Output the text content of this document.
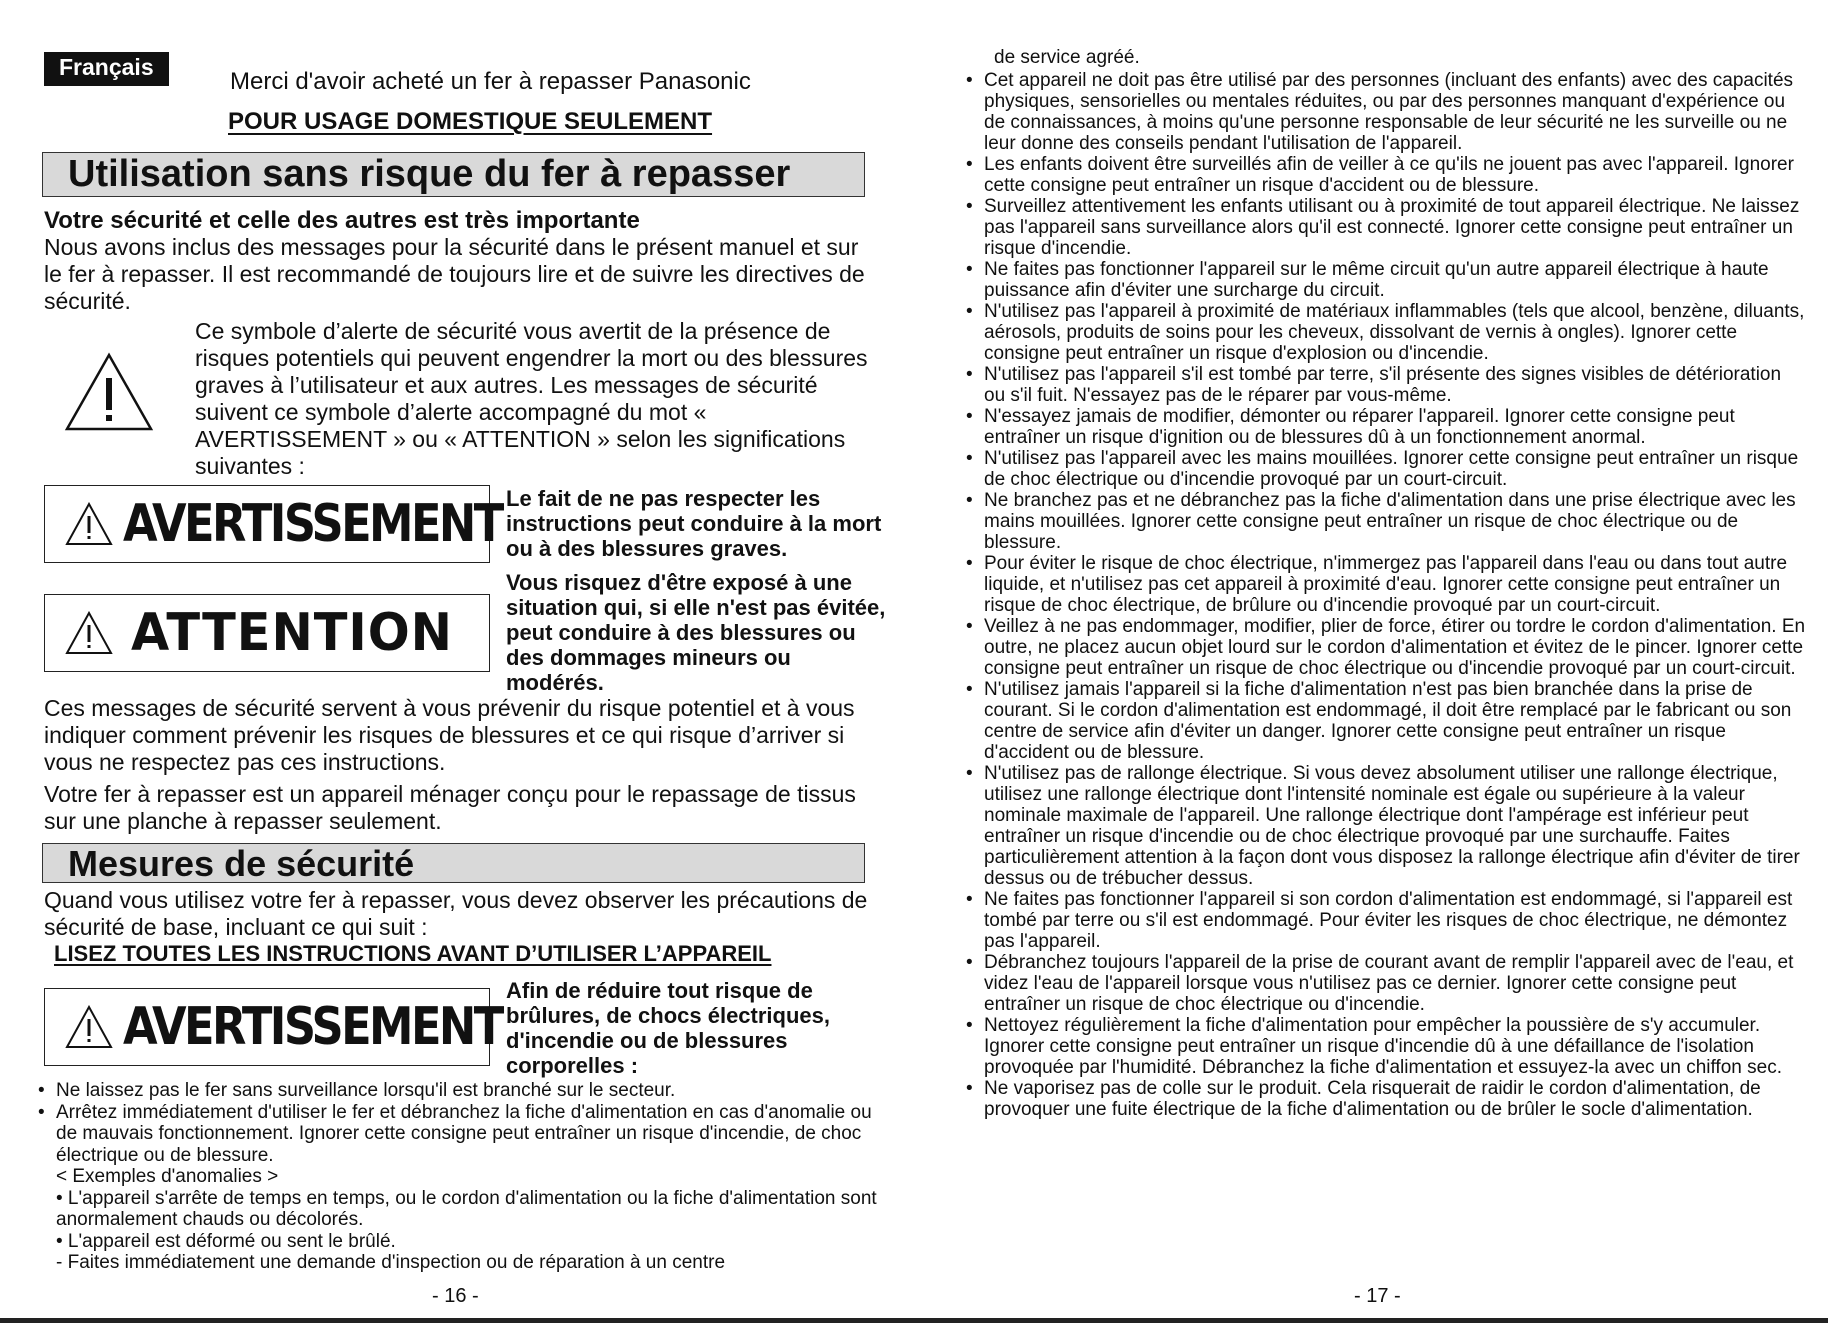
Français
Merci d'avoir acheté un fer à repasser Panasonic
POUR USAGE DOMESTIQUE SEULEMENT
Utilisation sans risque du fer à repasser
Votre sécurité et celle des autres est très importante
Nous avons inclus des messages pour la sécurité dans le présent manuel et sur le fer à repasser. Il est recommandé de toujours lire et de suivre les directives de sécurité.
Ce symbole d’alerte de sécurité vous avertit de la présence de risques potentiels qui peuvent engendrer la mort ou des blessures graves à l’utilisateur et aux autres. Les messages de sécurité suivent ce symbole d’alerte accompagné du mot « AVERTISSEMENT » ou « ATTENTION » selon les significations suivantes :
AVERTISSEMENT Le fait de ne pas respecter les instructions peut conduire à la mort ou à des blessures graves.
ATTENTION
Vous risquez d'être exposé à une situation qui, si elle n'est pas évitée, peut conduire à des blessures ou des dommages mineurs ou modérés.
Ces messages de sécurité servent à vous prévenir du risque potentiel et à vous indiquer comment prévenir les risques de blessures et ce qui risque d’arriver si vous ne respectez pas ces instructions.
Votre fer à repasser est un appareil ménager conçu pour le repassage de tissus sur une planche à repasser seulement.
Mesures de sécurité
Quand vous utilisez votre fer à repasser, vous devez observer les précautions de sécurité de base, incluant ce qui suit :
LISEZ TOUTES LES INSTRUCTIONS AVANT D’UTILISER L’APPAREIL
AVERTISSEMENT
Afin de réduire tout risque de brûlures, de chocs électriques, d'incendie ou de blessures corporelles :
• Ne laissez pas le fer sans surveillance lorsqu'il est branché sur le secteur.
• Arrêtez immédiatement d'utiliser le fer et débranchez la fiche d'alimentation en cas d'anomalie ou de mauvais fonctionnement. Ignorer cette consigne peut entraîner un risque d'incendie, de choc électrique ou de blessure.
< Exemples d'anomalies >
• L'appareil s'arrête de temps en temps, ou le cordon d'alimentation ou la fiche d'alimentation sont anormalement chauds ou décolorés.
• L'appareil est déformé ou sent le brûlé.
- Faites immédiatement une demande d'inspection ou de réparation à un centre
- 16 -
de service agréé.
• Cet appareil ne doit pas être utilisé par des personnes (incluant des enfants) avec des capacités physiques, sensorielles ou mentales réduites, ou par des personnes manquant d'expérience ou de connaissances, à moins qu'une personne responsable de leur sécurité ne les surveille ou ne leur donne des conseils pendant l'utilisation de l'appareil.
• Les enfants doivent être surveillés afin de veiller à ce qu'ils ne jouent pas avec l'appareil. Ignorer cette consigne peut entraîner un risque d'accident ou de blessure.
• Surveillez attentivement les enfants utilisant ou à proximité de tout appareil électrique. Ne laissez pas l'appareil sans surveillance alors qu'il est connecté. Ignorer cette consigne peut entraîner un risque d'incendie.
• Ne faites pas fonctionner l'appareil sur le même circuit qu'un autre appareil électrique à haute puissance afin d'éviter une surcharge du circuit.
• N'utilisez pas l'appareil à proximité de matériaux inflammables (tels que alcool, benzène, diluants, aérosols, produits de soins pour les cheveux, dissolvant de vernis à ongles). Ignorer cette consigne peut entraîner un risque d'explosion ou d'incendie.
• N'utilisez pas l'appareil s'il est tombé par terre, s'il présente des signes visibles de détérioration ou s'il fuit. N'essayez pas de le réparer par vous-même.
• N'essayez jamais de modifier, démonter ou réparer l'appareil. Ignorer cette consigne peut entraîner un risque d'ignition ou de blessures dû à un fonctionnement anormal.
• N'utilisez pas l'appareil avec les mains mouillées. Ignorer cette consigne peut entraîner un risque de choc électrique ou d'incendie provoqué par un court-circuit.
• Ne branchez pas et ne débranchez pas la fiche d'alimentation dans une prise électrique avec les mains mouillées. Ignorer cette consigne peut entraîner un risque de choc électrique ou de blessure.
• Pour éviter le risque de choc électrique, n'immergez pas l'appareil dans l'eau ou dans tout autre liquide, et n'utilisez pas cet appareil à proximité d'eau. Ignorer cette consigne peut entraîner un risque de choc électrique, de brûlure ou d'incendie provoqué par un court-circuit.
• Veillez à ne pas endommager, modifier, plier de force, étirer ou tordre le cordon d'alimentation. En outre, ne placez aucun objet lourd sur le cordon d'alimentation et évitez de le pincer. Ignorer cette consigne peut entraîner un risque de choc électrique ou d'incendie provoqué par un court-circuit.
• N'utilisez jamais l'appareil si la fiche d'alimentation n'est pas bien branchée dans la prise de courant. Si le cordon d'alimentation est endommagé, il doit être remplacé par le fabricant ou son centre de service afin d'éviter un danger. Ignorer cette consigne peut entraîner un risque d'accident ou de blessure.
• N'utilisez pas de rallonge électrique. Si vous devez absolument utiliser une rallonge électrique, utilisez une rallonge électrique dont l'intensité nominale est égale ou supérieure à la valeur nominale maximale de l'appareil. Une rallonge électrique dont l'ampérage est inférieur peut entraîner un risque d'incendie ou de choc électrique provoqué par une surchauffe. Faites particulièrement attention à la façon dont vous disposez la rallonge électrique afin d'éviter de tirer dessus ou de trébucher dessus.
• Ne faites pas fonctionner l'appareil si son cordon d'alimentation est endommagé, si l'appareil est tombé par terre ou s'il est endommagé. Pour éviter les risques de choc électrique, ne démontez pas l'appareil.
• Débranchez toujours l'appareil de la prise de courant avant de remplir l'appareil avec de l'eau, et videz l'eau de l'appareil lorsque vous n'utilisez pas ce dernier. Ignorer cette consigne peut entraîner un risque de choc électrique ou d'incendie.
• Nettoyez régulièrement la fiche d'alimentation pour empêcher la poussière de s'y accumuler. Ignorer cette consigne peut entraîner un risque d'incendie dû à une défaillance de l'isolation provoquée par l'humidité. Débranchez la fiche d'alimentation et essuyez-la avec un chiffon sec.
• Ne vaporisez pas de colle sur le produit. Cela risquerait de raidir le cordon d'alimentation, de provoquer une fuite électrique de la fiche d'alimentation ou de brûler le socle d'alimentation.
- 17 -
